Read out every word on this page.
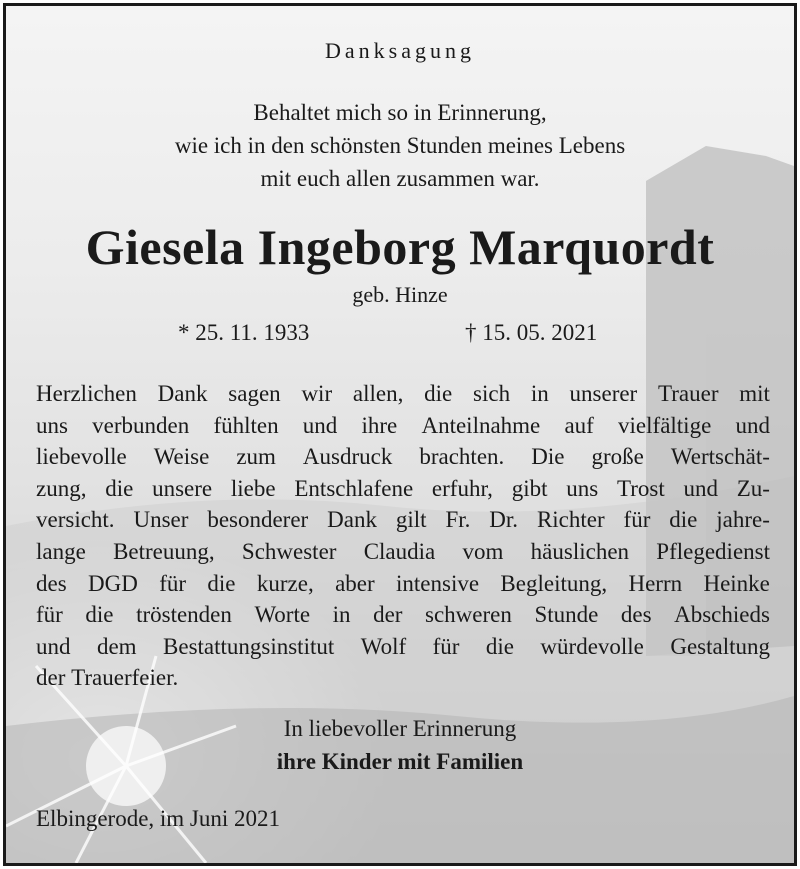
Danksagung
Behaltet mich so in Erinnerung,
wie ich in den schönsten Stunden meines Lebens
mit euch allen zusammen war.
Giesela Ingeborg Marquordt
geb. Hinze
* 25. 11. 1933	† 15. 05. 2021
Herzlichen Dank sagen wir allen, die sich in unserer Trauer mit
uns verbunden fühlten und ihre Anteilnahme auf vielfältige und
liebevolle Weise zum Ausdruck brachten. Die große Wertschät-
zung, die unsere liebe Entschlafene erfuhr, gibt uns Trost und Zu-
versicht. Unser besonderer Dank gilt Fr. Dr. Richter für die jahre-
lange Betreuung, Schwester Claudia vom häuslichen Pflegedienst
des DGD für die kurze, aber intensive Begleitung, Herrn Heinke
für die tröstenden Worte in der schweren Stunde des Abschieds
und dem Bestattungsinstitut Wolf für die würdevolle Gestaltung
der Trauerfeier.
In liebevoller Erinnerung
ihre Kinder mit Familien
Elbingerode, im Juni 2021
